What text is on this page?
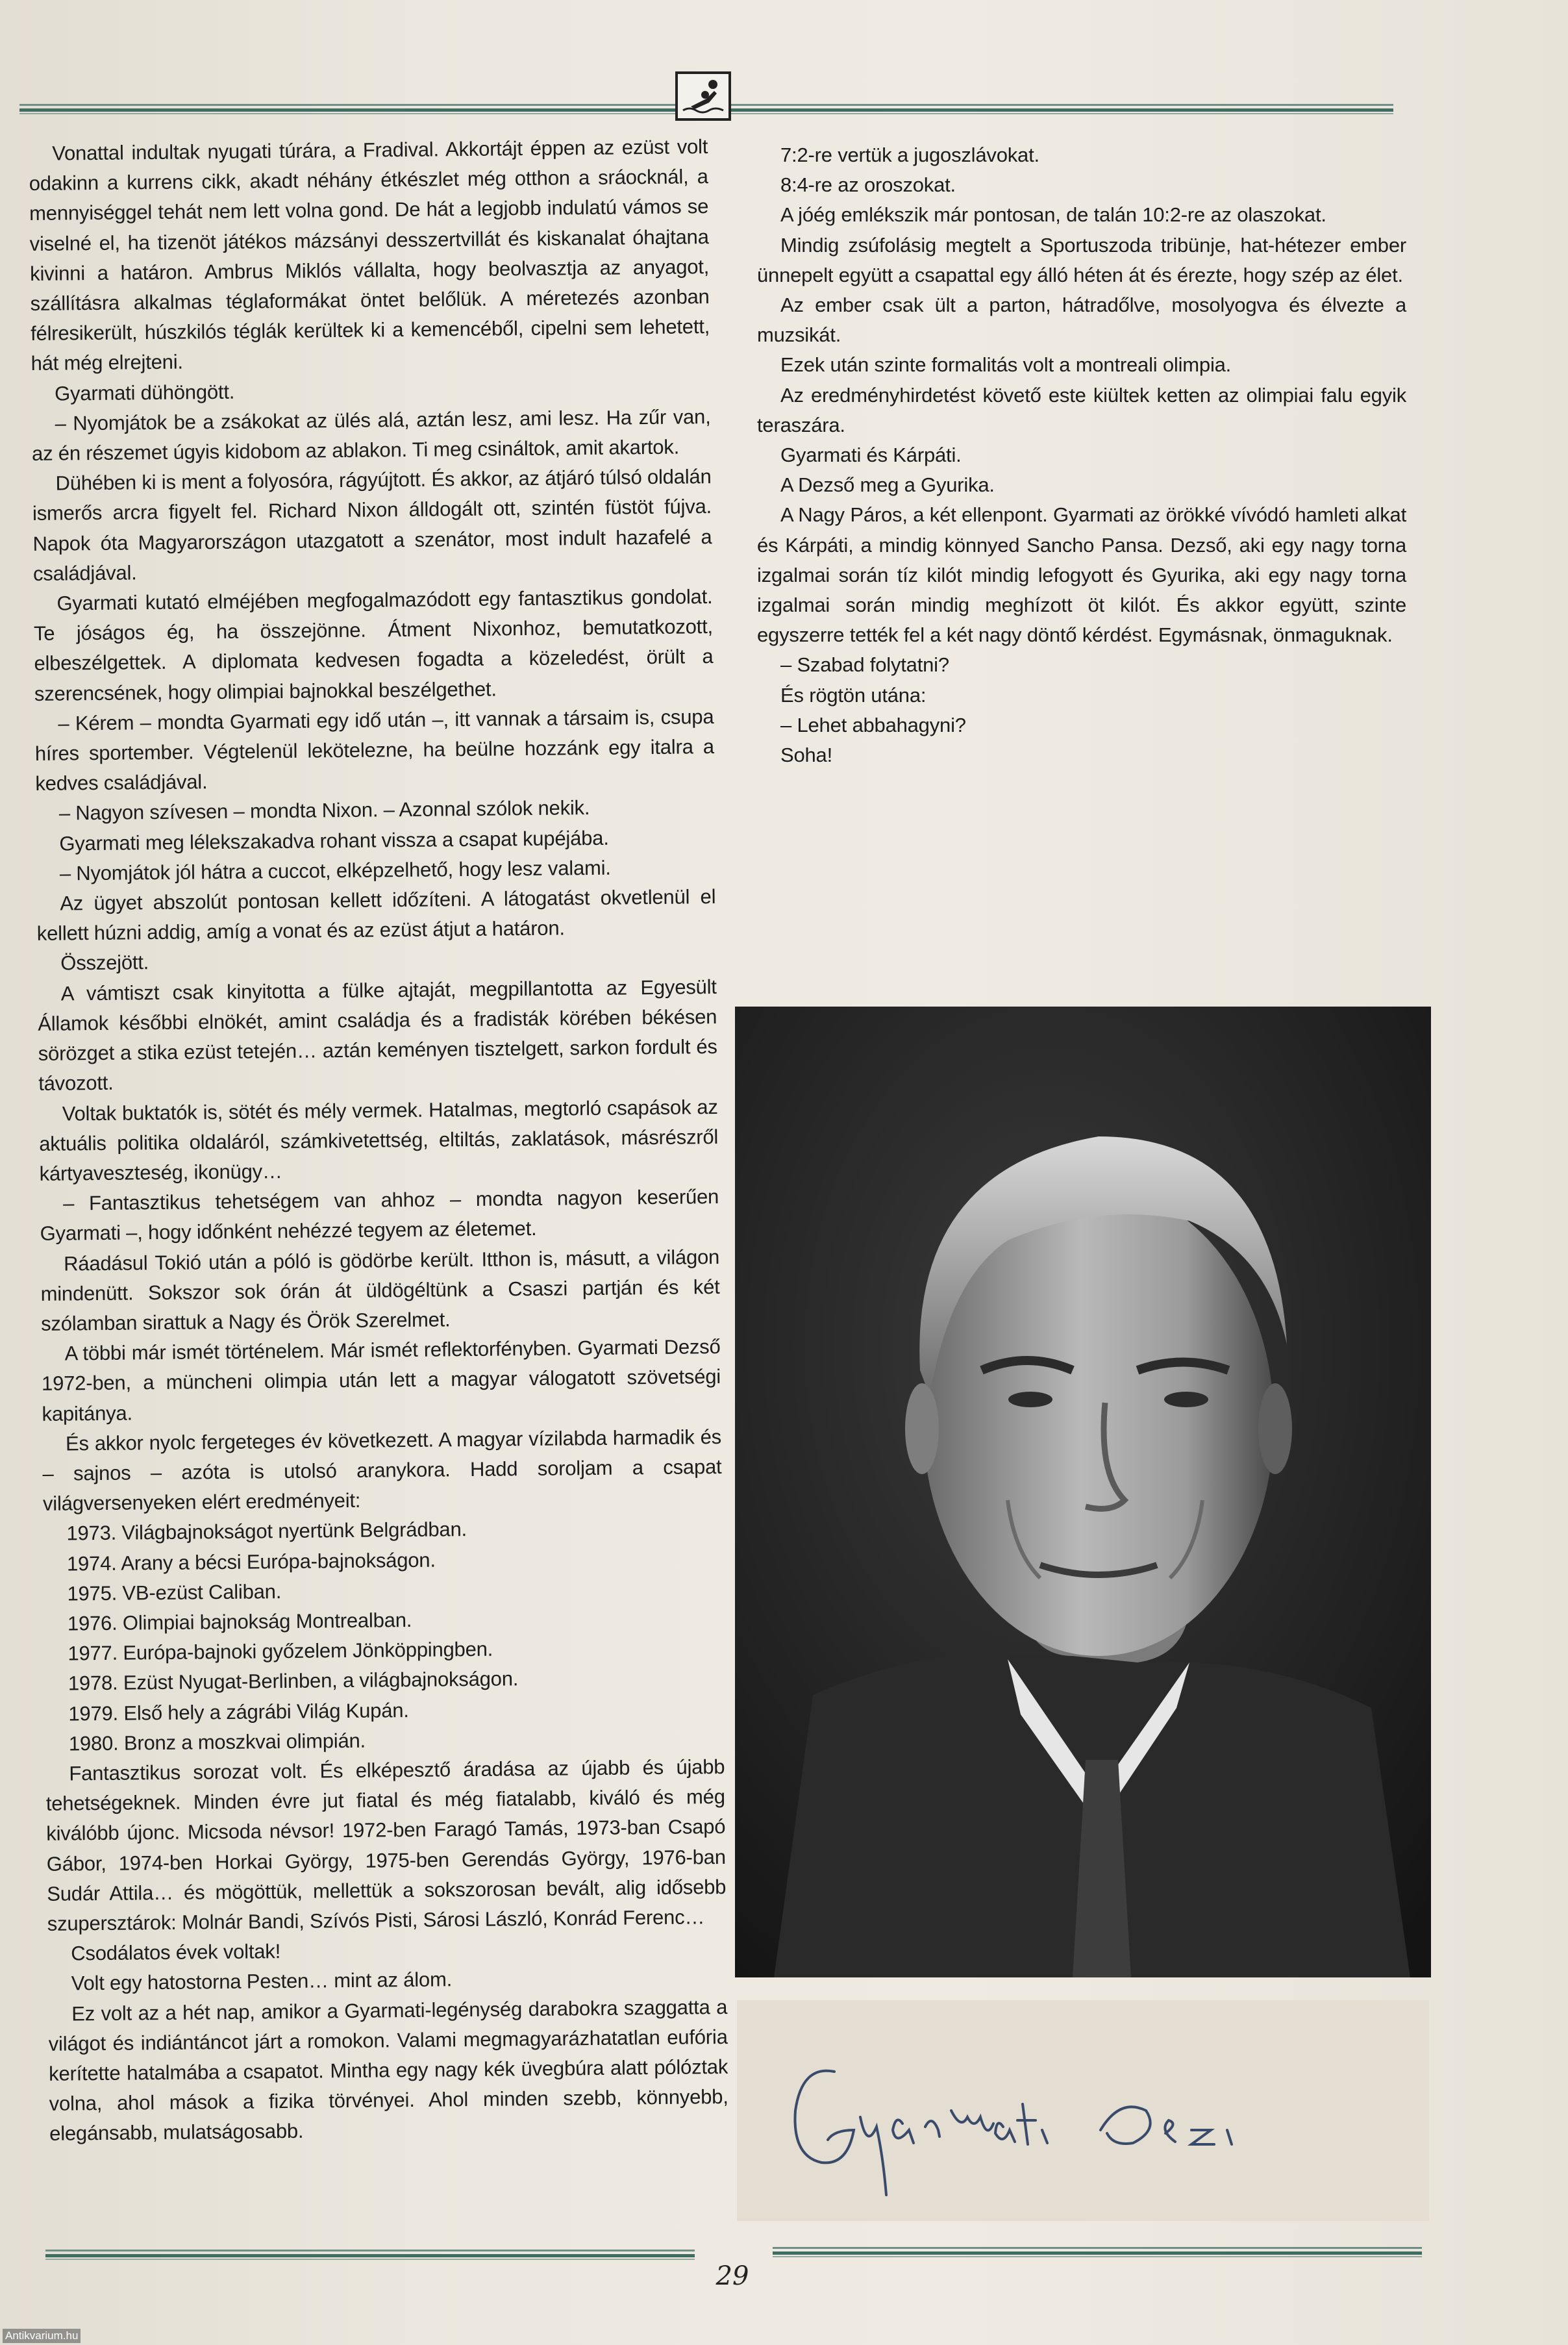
Vonattal indultak nyugati túrára, a Fradival. Akkortájt éppen az ezüst volt odakinn a kurrens cikk, akadt néhány étkészlet még otthon a sráocknál, a mennyiséggel tehát nem lett volna gond. De hát a legjobb indulatú vámos se viselné el, ha tizenöt játékos mázsányi desszertvillát és kiskanalat óhajtana kivinni a határon. Ambrus Miklós vállalta, hogy beolvasztja az anyagot, szállításra alkalmas téglaformákat öntet belőlük. A méretezés azonban félresikerült, húszkilós téglák kerültek ki a kemencéből, cipelni sem lehetett, hát még elrejteni.

Gyarmati dühöngött.

– Nyomjátok be a zsákokat az ülés alá, aztán lesz, ami lesz. Ha zűr van, az én részemet úgyis kidobom az ablakon. Ti meg csináltok, amit akartok.

Dühében ki is ment a folyosóra, rágyújtott. És akkor, az átjáró túlsó oldalán ismerős arcra figyelt fel. Richard Nixon álldogált ott, szintén füstöt fújva. Napok óta Magyarországon utazgatott a szenátor, most indult hazafelé a családjával.

Gyarmati kutató elméjében megfogalmazódott egy fantasztikus gondolat. Te jóságos ég, ha összejönne. Átment Nixonhoz, bemutatkozott, elbeszélgettek. A diplomata kedvesen fogadta a közeledést, örült a szerencsének, hogy olimpiai bajnokkal beszélgethet.

– Kérem – mondta Gyarmati egy idő után –, itt vannak a társaim is, csupa híres sportember. Végtelenül lekötelezne, ha beülne hozzánk egy italra a kedves családjával.

– Nagyon szívesen – mondta Nixon. – Azonnal szólok nekik.

Gyarmati meg lélekszakadva rohant vissza a csapat kupéjába.

– Nyomjátok jól hátra a cuccot, elképzelhető, hogy lesz valami.

Az ügyet abszolút pontosan kellett időzíteni. A látogatást okvetlenül el kellett húzni addig, amíg a vonat és az ezüst átjut a határon.

Összejött.

A vámtiszt csak kinyitotta a fülke ajtaját, megpillantotta az Egyesült Államok későbbi elnökét, amint családja és a fradisták körében békésen sörözget a stika ezüst tetején… aztán keményen tisztelgett, sarkon fordult és távozott.

Voltak buktatók is, sötét és mély vermek. Hatalmas, megtorló csapások az aktuális politika oldaláról, számkivetettség, eltiltás, zaklatások, másrészről kártyaveszteség, ikonügy…

– Fantasztikus tehetségem van ahhoz – mondta nagyon keserűen Gyarmati –, hogy időnként nehézzé tegyem az életemet.

Ráadásul Tokió után a póló is gödörbe került. Itthon is, másutt, a világon mindenütt. Sokszor sok órán át üldögéltünk a Csaszi partján és két szólamban sirattuk a Nagy és Örök Szerelmet.

A többi már ismét történelem. Már ismét reflektorfényben. Gyarmati Dezső 1972-ben, a müncheni olimpia után lett a magyar válogatott szövetségi kapitánya.

És akkor nyolc fergeteges év következett. A magyar vízilabda harmadik és – sajnos – azóta is utolsó aranykora. Hadd soroljam a csapat világversenyeken elért eredményeit:

1973. Világbajnokságot nyertünk Belgrádban.

1974. Arany a bécsi Európa-bajnokságon.

1975. VB-ezüst Caliban.

1976. Olimpiai bajnokság Montrealban.

1977. Európa-bajnoki győzelem Jönköppingben.

1978. Ezüst Nyugat-Berlinben, a világbajnokságon.

1979. Első hely a zágrábi Világ Kupán.

1980. Bronz a moszkvai olimpián.

Fantasztikus sorozat volt. És elképesztő áradása az újabb és újabb tehetségeknek. Minden évre jut fiatal és még fiatalabb, kiváló és még kiválóbb újonc. Micsoda névsor! 1972-ben Faragó Tamás, 1973-ban Csapó Gábor, 1974-ben Horkai György, 1975-ben Gerendás György, 1976-ban Sudár Attila… és mögöttük, mellettük a sokszorosan bevált, alig idősebb szupersztárok: Molnár Bandi, Szívós Pisti, Sárosi László, Konrád Ferenc…

Csodálatos évek voltak!

Volt egy hatostorna Pesten… mint az álom.

Ez volt az a hét nap, amikor a Gyarmati-legénység darabokra szaggatta a világot és indiántáncot járt a romokon. Valami megmagyarázhatatlan eufória kerítette hatalmába a csapatot. Mintha egy nagy kék üvegbúra alatt pólóztak volna, ahol mások a fizika törvényei. Ahol minden szebb, könnyebb, elegánsabb, mulatságosabb.

7:2-re vertük a jugoszlávokat.

8:4-re az oroszokat.

A jóég emlékszik már pontosan, de talán 10:2-re az olaszokat.

Mindig zsúfolásig megtelt a Sportuszoda tribünje, hat-hétezer ember ünnepelt együtt a csapattal egy álló héten át és érezte, hogy szép az élet.

Az ember csak ült a parton, hátradőlve, mosolyogva és élvezte a muzsikát.

Ezek után szinte formalitás volt a montreali olimpia.

Az eredményhirdetést követő este kiültek ketten az olimpiai falu egyik teraszára.

Gyarmati és Kárpáti.

A Dezső meg a Gyurika.

A Nagy Páros, a két ellenpont. Gyarmati az örökké vívódó hamleti alkat és Kárpáti, a mindig könnyed Sancho Pansa. Dezső, aki egy nagy torna izgalmai során tíz kilót mindig lefogyott és Gyurika, aki egy nagy torna izgalmai során mindig meghízott öt kilót. És akkor együtt, szinte egyszerre tették fel a két nagy döntő kérdést. Egymásnak, önmaguknak.

– Szabad folytatni?

És rögtön utána:

– Lehet abbahagyni?

Soha!

29
Antikvarium.hu
